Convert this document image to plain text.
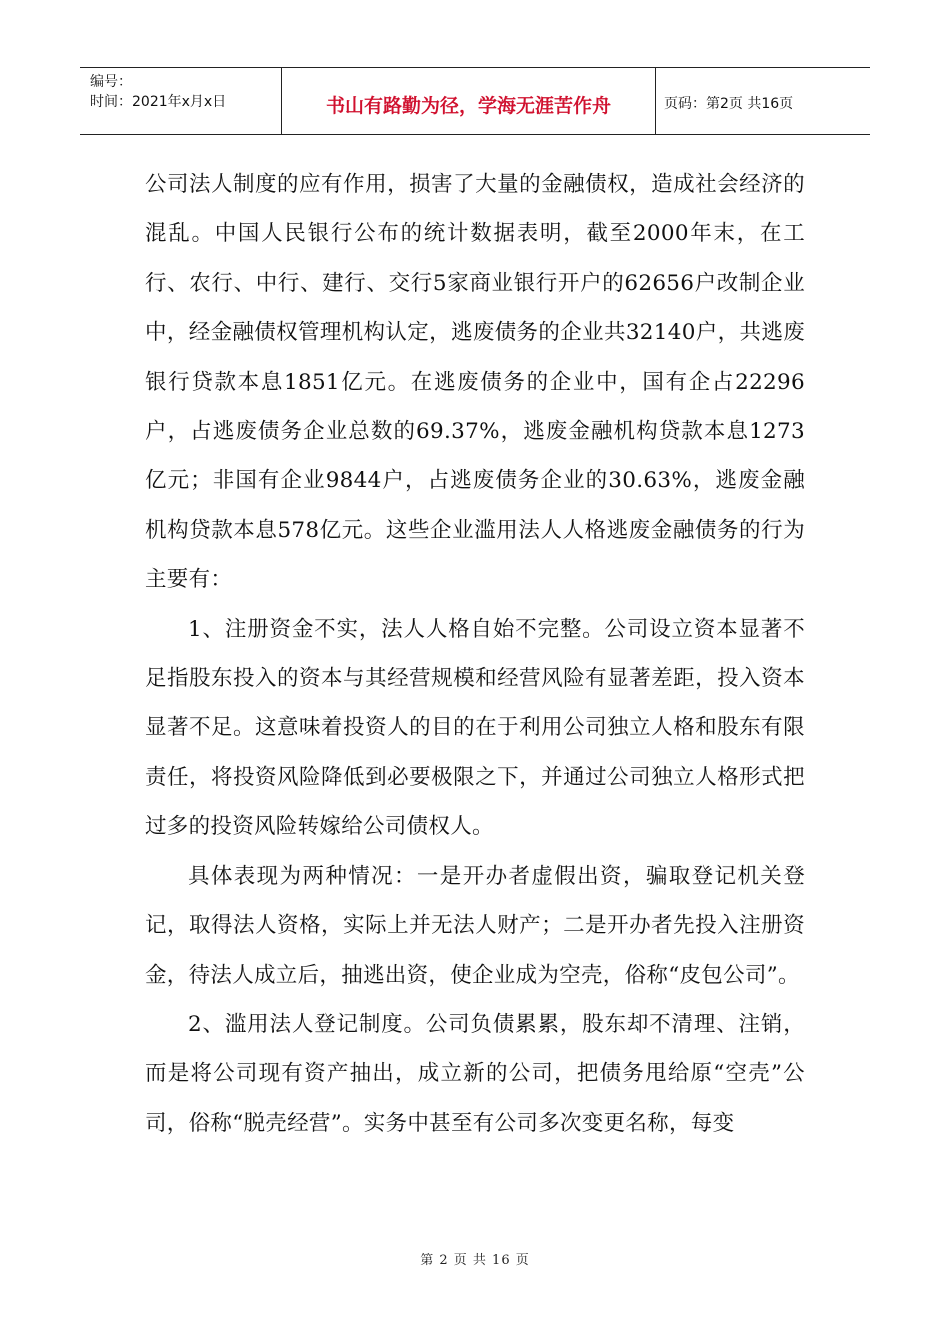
编号：
时间：2021年x月x日	书山有路勤为径，学海无涯苦作舟	页码：第2页 共16页

公司法人制度的应有作用，损害了大量的金融债权，造成社会经济的混乱。中国人民银行公布的统计数据表明，截至2000年末，在工行、农行、中行、建行、交行5家商业银行开户的62656户改制企业中，经金融债权管理机构认定，逃废债务的企业共32140户，共逃废银行贷款本息1851亿元。在逃废债务的企业中，国有企占22296户，占逃废债务企业总数的69.37%，逃废金融机构贷款本息1273亿元；非国有企业9844户，占逃废债务企业的30.63%，逃废金融机构贷款本息578亿元。这些企业滥用法人人格逃废金融债务的行为主要有：

1、注册资金不实，法人人格自始不完整。公司设立资本显著不足指股东投入的资本与其经营规模和经营风险有显著差距，投入资本显著不足。这意味着投资人的目的在于利用公司独立人格和股东有限责任，将投资风险降低到必要极限之下，并通过公司独立人格形式把过多的投资风险转嫁给公司债权人。

具体表现为两种情况：一是开办者虚假出资，骗取登记机关登记，取得法人资格，实际上并无法人财产；二是开办者先投入注册资金，待法人成立后，抽逃出资，使企业成为空壳，俗称“皮包公司”。

2、滥用法人登记制度。公司负债累累，股东却不清理、注销，而是将公司现有资产抽出，成立新的公司，把债务甩给原“空壳”公司，俗称“脱壳经营”。实务中甚至有公司多次变更名称，每变

第 2 页 共 16 页
